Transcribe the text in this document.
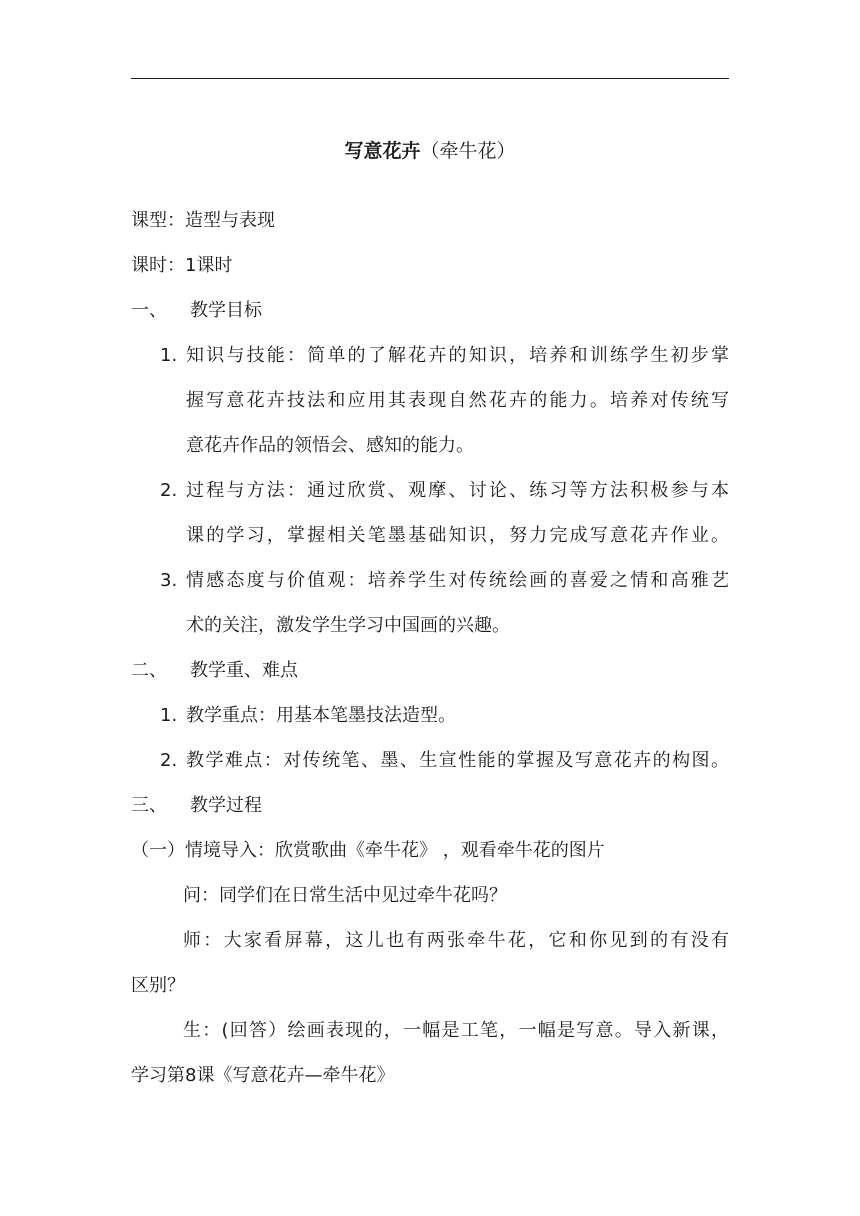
写意花卉（牵牛花）
课型：造型与表现
课时：1课时
一、 教学目标
1. 知识与技能：简单的了解花卉的知识，培养和训练学生初步掌
握写意花卉技法和应用其表现自然花卉的能力。培养对传统写
意花卉作品的领悟会、感知的能力。
2. 过程与方法：通过欣赏、观摩、讨论、练习等方法积极参与本
课的学习，掌握相关笔墨基础知识，努力完成写意花卉作业。
3. 情感态度与价值观：培养学生对传统绘画的喜爱之情和高雅艺
术的关注，激发学生学习中国画的兴趣。
二、 教学重、难点
1. 教学重点：用基本笔墨技法造型。
2. 教学难点：对传统笔、墨、生宣性能的掌握及写意花卉的构图。
三、 教学过程
（一）情境导入：欣赏歌曲《牵牛花》 ，观看牵牛花的图片
问：同学们在日常生活中见过牵牛花吗？
师：大家看屏幕，这儿也有两张牵牛花，它和你见到的有没有
区别？
生：(回答）绘画表现的，一幅是工笔，一幅是写意。导入新课，
学习第8课《写意花卉—牵牛花》
